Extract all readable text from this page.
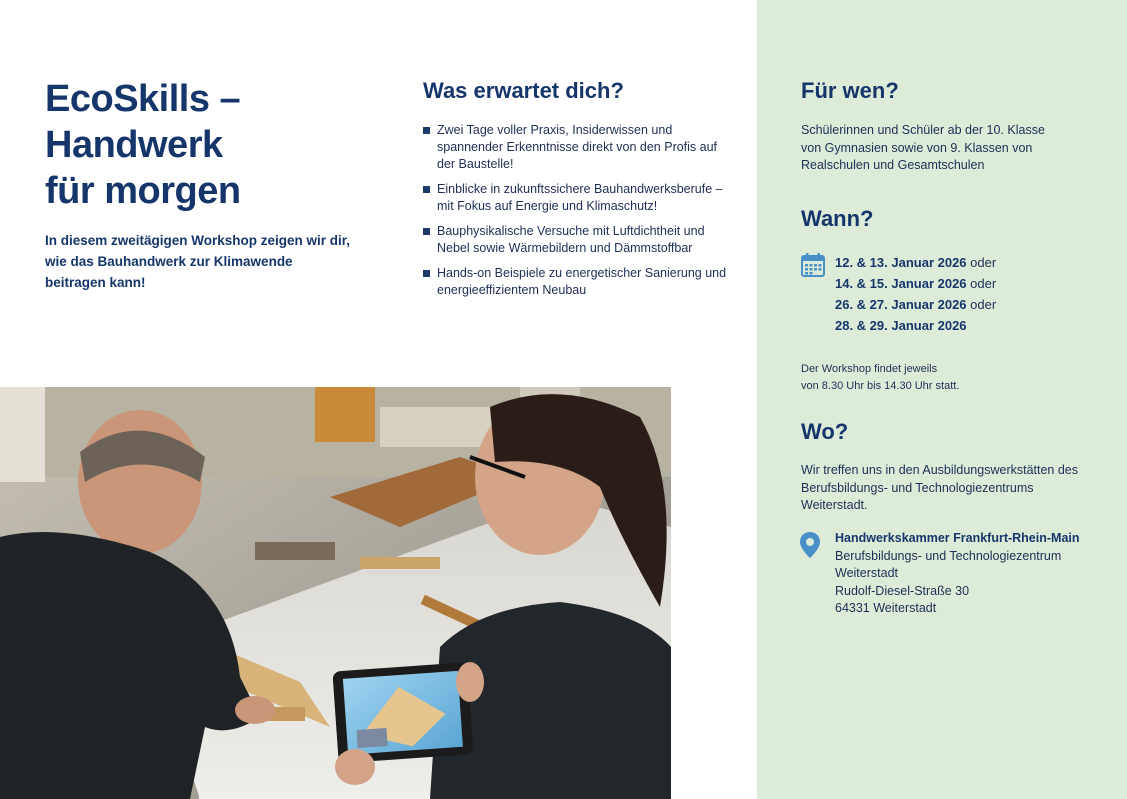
EcoSkills –
Handwerk
für morgen

In diesem zweitägigen Workshop zeigen wir dir, wie das Bauhandwerk zur Klimawende beitragen kann!

Was erwartet dich?
Zwei Tage voller Praxis, Insiderwissen und spannender Erkenntnisse direkt von den Profis auf der Baustelle!
Einblicke in zukunftssichere Bauhandwerksberufe – mit Fokus auf Energie und Klimaschutz!
Bauphysikalische Versuche mit Luftdichtheit und Nebel sowie Wärmebildern und Dämmstoffbar
Hands-on Beispiele zu energetischer Sanierung und energieeffizientem Neubau
Für wen?

Schülerinnen und Schüler ab der 10. Klasse von Gymnasien sowie von 9. Klassen von Realschulen und Gesamtschulen

Wann?
12. & 13. Januar 2026 oder
14. & 15. Januar 2026 oder
26. & 27. Januar 2026 oder
28. & 29. Januar 2026
Der Workshop findet jeweils
von 8.30 Uhr bis 14.30 Uhr statt.
Wo?

Wir treffen uns in den Ausbildungswerkstätten des Berufsbildungs- und Technologiezentrums Weiterstadt.

Handwerkskammer Frankfurt-Rhein-Main
Berufsbildungs- und Technologiezentrum
Weiterstadt
Rudolf-Diesel-Straße 30
64331 Weiterstadt
